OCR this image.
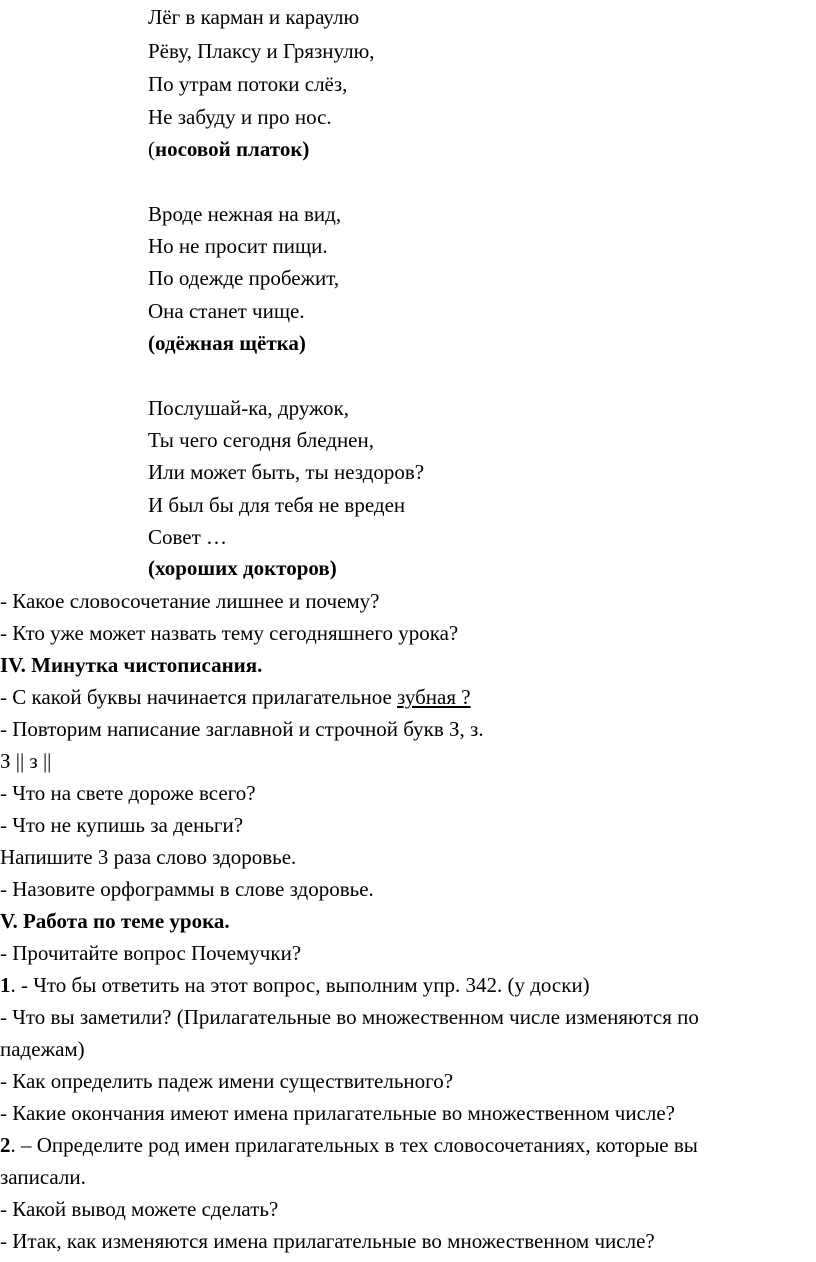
Лёг в карман и караулю
Рёву, Плаксу и Грязнулю,
По утрам потоки слёз,
Не забуду и про нос.
(носовой платок)
Вроде нежная на вид,
Но не просит пищи.
По одежде пробежит,
Она станет чище.
(одёжная щётка)
Послушай-ка, дружок,
Ты чего сегодня бледнен,
Или может быть, ты нездоров?
И был бы для тебя не вреден
Совет …
(хороших докторов)
- Какое словосочетание лишнее и почему?
- Кто уже может назвать тему сегодняшнего урока?
IV. Минутка чистописания.
- С какой буквы начинается прилагательное зубная ?
- Повторим написание заглавной и строчной букв З, з.
З || з ||
- Что на свете дороже всего?
- Что не купишь за деньги?
Напишите 3 раза слово здоровье.
- Назовите орфограммы в слове здоровье.
V. Работа по теме урока.
- Прочитайте вопрос Почемучки?
1. - Что бы ответить на этот вопрос, выполним упр. 342. (у доски)
- Что вы заметили? (Прилагательные во множественном числе изменяются по
падежам)
- Как определить падеж имени существительного?
- Какие окончания имеют имена прилагательные во множественном числе?
2. – Определите род имен прилагательных в тех словосочетаниях, которые вы
записали.
- Какой вывод можете сделать?
- Итак, как изменяются имена прилагательные во множественном числе?
